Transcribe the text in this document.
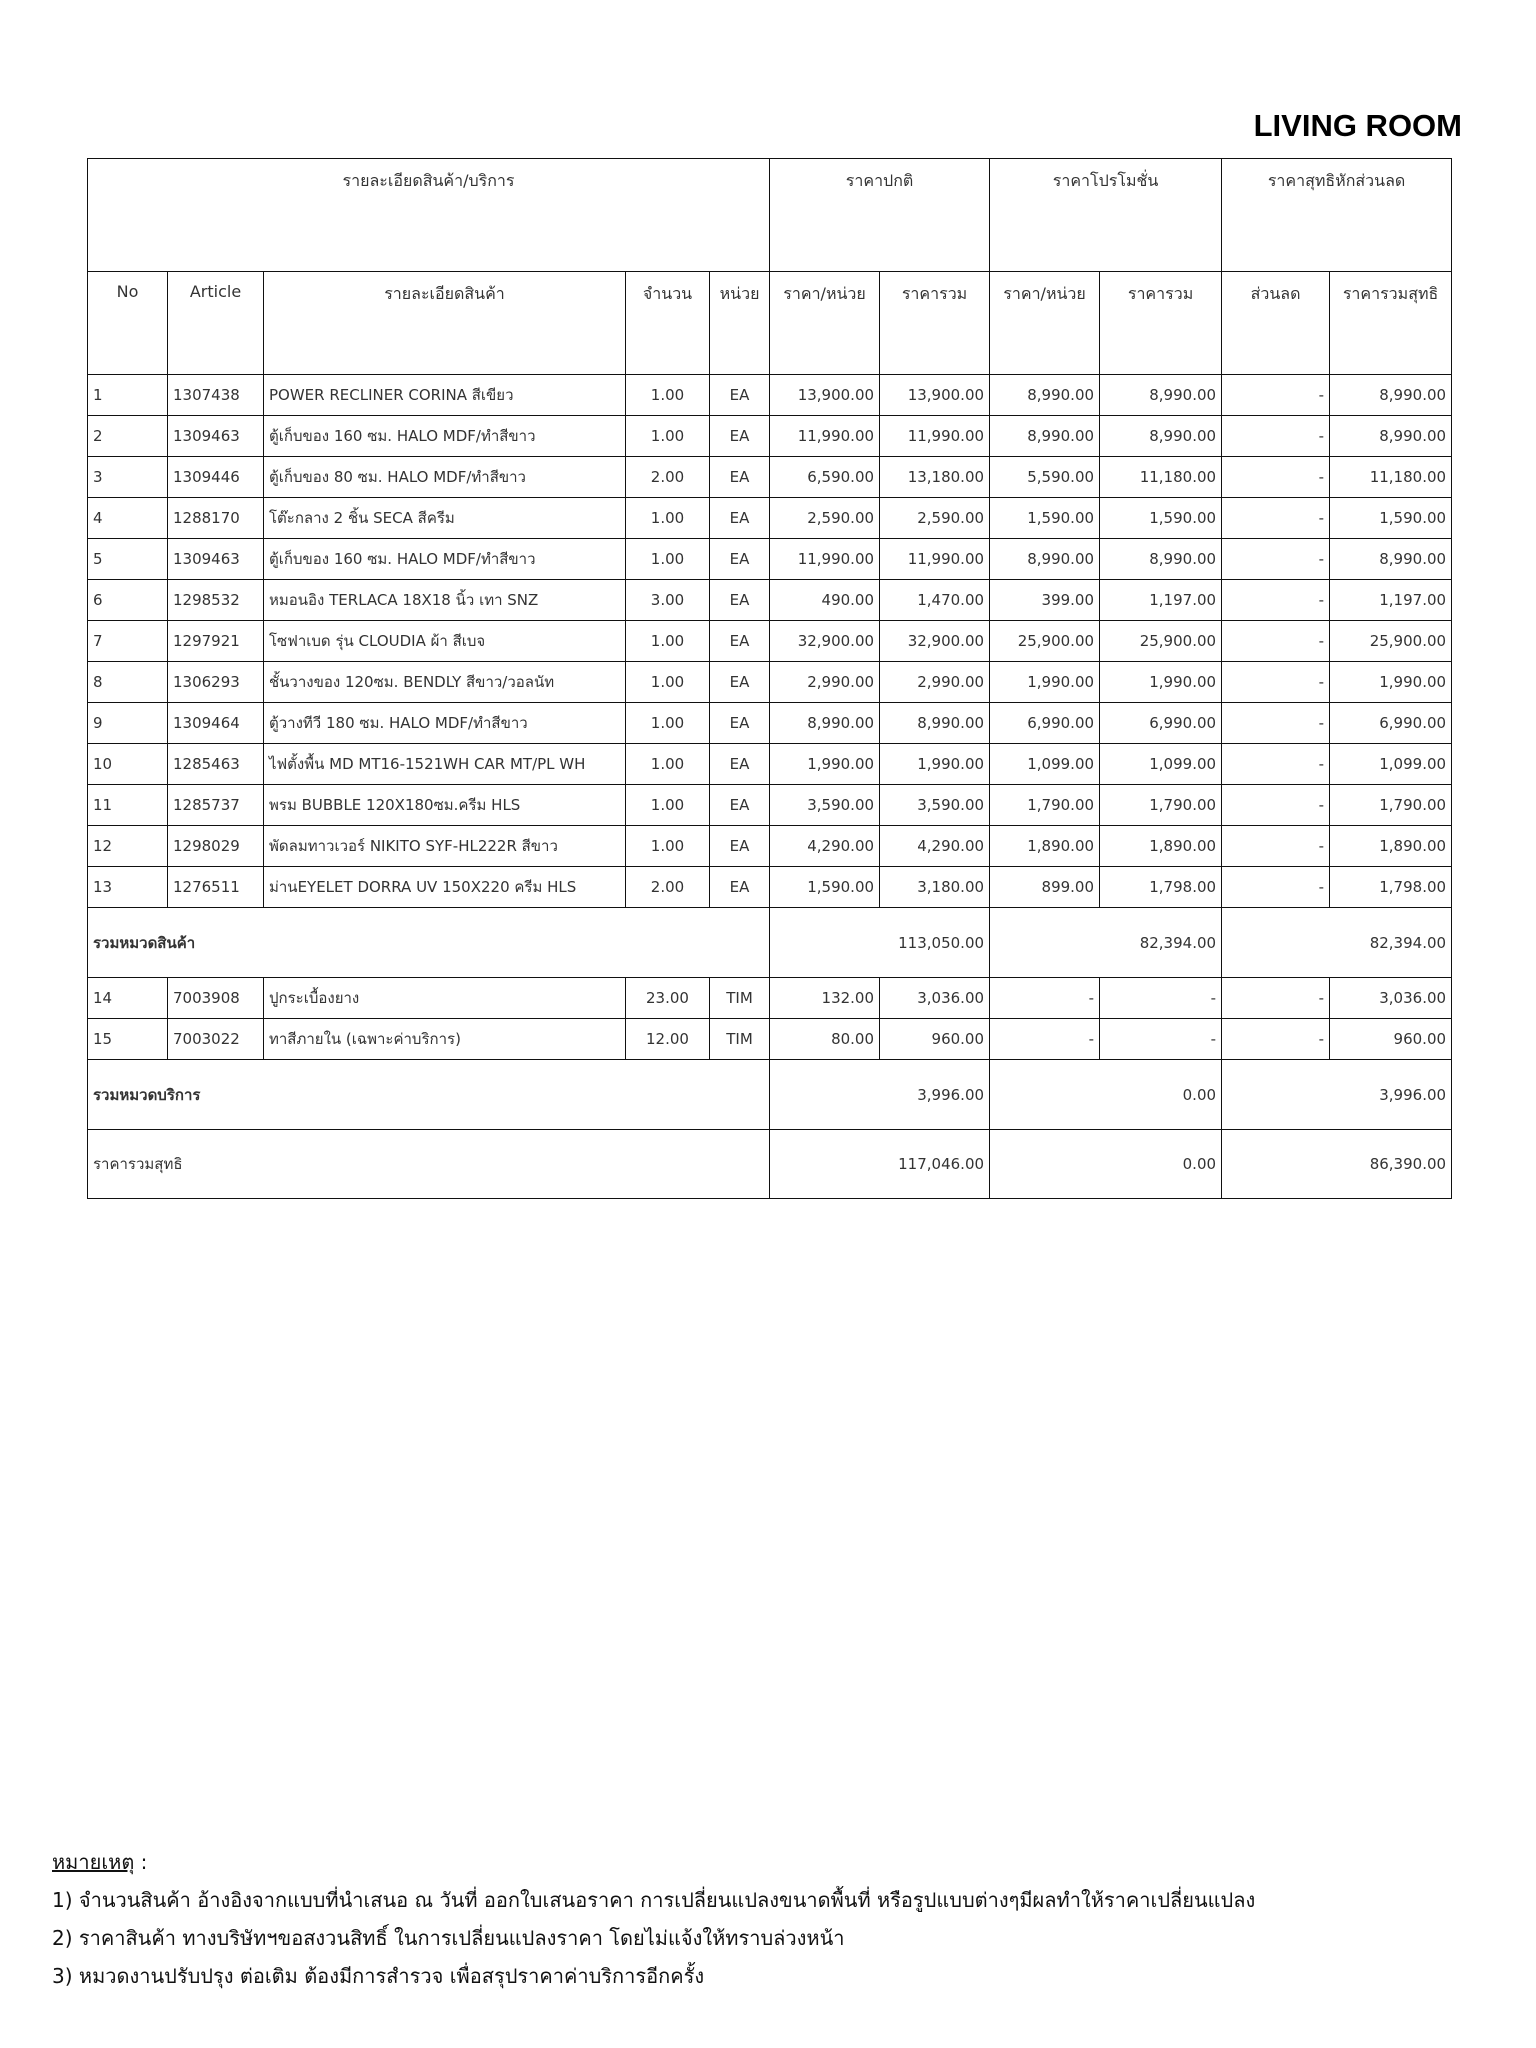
LIVING ROOM
รายละเอียดสินค้า/บริการ					ราคาปกติ		ราคาโปรโมชั่น		ราคาสุทธิหักส่วนลด	
No	Article	รายละเอียดสินค้า	จำนวน	หน่วย	ราคา/หน่วย	ราคารวม	ราคา/หน่วย	ราคารวม	ส่วนลด	ราคารวมสุทธิ
1	1307438	POWER RECLINER CORINA สีเขียว	1.00	EA	13,900.00	13,900.00	8,990.00	8,990.00	-	8,990.00
2	1309463	ตู้เก็บของ 160 ซม. HALO MDF/ทำสีขาว	1.00	EA	11,990.00	11,990.00	8,990.00	8,990.00	-	8,990.00
3	1309446	ตู้เก็บของ 80 ซม. HALO MDF/ทำสีขาว	2.00	EA	6,590.00	13,180.00	5,590.00	11,180.00	-	11,180.00
4	1288170	โต๊ะกลาง 2 ชิ้น SECA สีครีม	1.00	EA	2,590.00	2,590.00	1,590.00	1,590.00	-	1,590.00
5	1309463	ตู้เก็บของ 160 ซม. HALO MDF/ทำสีขาว	1.00	EA	11,990.00	11,990.00	8,990.00	8,990.00	-	8,990.00
6	1298532	หมอนอิง TERLACA 18X18 นิ้ว เทา SNZ	3.00	EA	490.00	1,470.00	399.00	1,197.00	-	1,197.00
7	1297921	โซฟาเบด รุ่น CLOUDIA ผ้า สีเบจ	1.00	EA	32,900.00	32,900.00	25,900.00	25,900.00	-	25,900.00
8	1306293	ชั้นวางของ 120ซม. BENDLY สีขาว/วอลนัท	1.00	EA	2,990.00	2,990.00	1,990.00	1,990.00	-	1,990.00
9	1309464	ตู้วางทีวี 180 ซม. HALO MDF/ทำสีขาว	1.00	EA	8,990.00	8,990.00	6,990.00	6,990.00	-	6,990.00
10	1285463	ไฟตั้งพื้น MD MT16-1521WH CAR MT/PL WH	1.00	EA	1,990.00	1,990.00	1,099.00	1,099.00	-	1,099.00
11	1285737	พรม BUBBLE 120X180ซม.ครีม HLS	1.00	EA	3,590.00	3,590.00	1,790.00	1,790.00	-	1,790.00
12	1298029	พัดลมทาวเวอร์ NIKITO SYF-HL222R สีขาว	1.00	EA	4,290.00	4,290.00	1,890.00	1,890.00	-	1,890.00
13	1276511	ม่านEYELET DORRA UV 150X220 ครีม HLS	2.00	EA	1,590.00	3,180.00	899.00	1,798.00	-	1,798.00
รวมหมวดสินค้า					113,050.00		82,394.00		82,394.00	
14	7003908	ปูกระเบื้องยาง	23.00	TIM	132.00	3,036.00	-	-	-	3,036.00
15	7003022	ทาสีภายใน (เฉพาะค่าบริการ)	12.00	TIM	80.00	960.00	-	-	-	960.00
รวมหมวดบริการ					3,996.00		0.00		3,996.00	
ราคารวมสุทธิ					117,046.00		0.00		86,390.00	
หมายเหตุ :
1) จำนวนสินค้า อ้างอิงจากแบบที่นำเสนอ ณ วันที่ ออกใบเสนอราคา การเปลี่ยนแปลงขนาดพื้นที่ หรือรูปแบบต่างๆมีผลทำให้ราคาเปลี่ยนแปลง
2) ราคาสินค้า ทางบริษัทฯขอสงวนสิทธิ์ ในการเปลี่ยนแปลงราคา โดยไม่แจ้งให้ทราบล่วงหน้า
3) หมวดงานปรับปรุง ต่อเติม ต้องมีการสำรวจ เพื่อสรุปราคาค่าบริการอีกครั้ง
